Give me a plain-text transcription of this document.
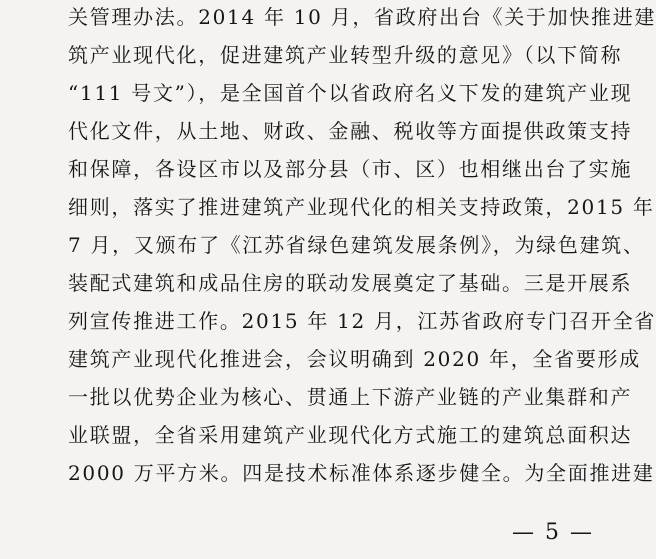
关管理办法。2014 年 10 月，省政府出台《关于加快推进建
筑产业现代化，促进建筑产业转型升级的意见》（以下简称
“111 号文”），是全国首个以省政府名义下发的建筑产业现
代化文件，从土地、财政、金融、税收等方面提供政策支持
和保障，各设区市以及部分县（市、区）也相继出台了实施
细则，落实了推进建筑产业现代化的相关支持政策，2015 年
7 月，又颁布了《江苏省绿色建筑发展条例》，为绿色建筑、
装配式建筑和成品住房的联动发展奠定了基础。三是开展系
列宣传推进工作。2015 年 12 月，江苏省政府专门召开全省
建筑产业现代化推进会，会议明确到 2020 年，全省要形成
一批以优势企业为核心、贯通上下游产业链的产业集群和产
业联盟，全省采用建筑产业现代化方式施工的建筑总面积达
2000 万平方米。四是技术标准体系逐步健全。为全面推进建
— 5 —
